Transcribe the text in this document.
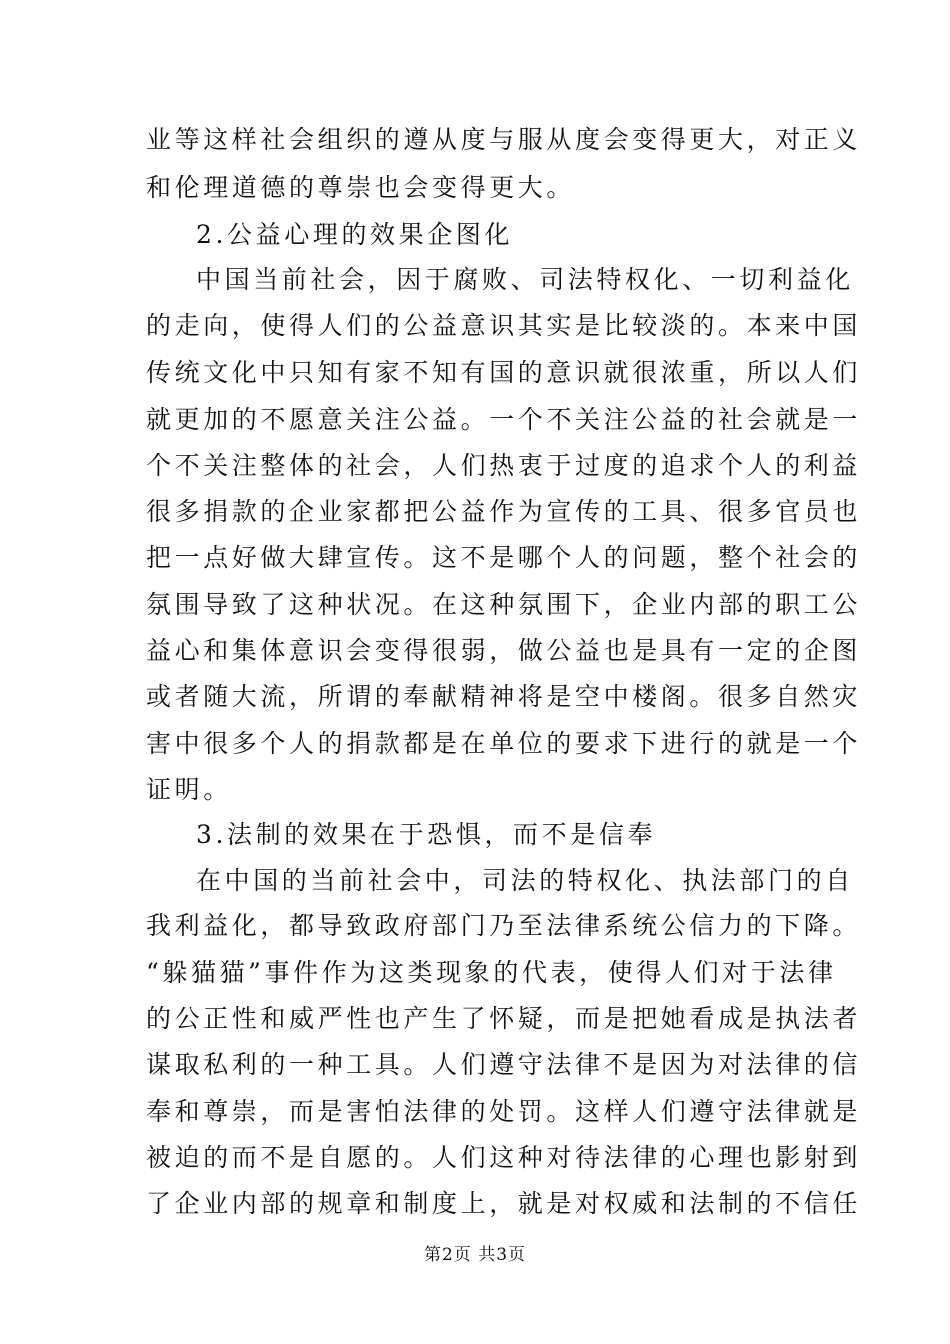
业等这样社会组织的遵从度与服从度会变得更大，对正义
和伦理道德的尊崇也会变得更大。
2.公益心理的效果企图化
中国当前社会，因于腐败、司法特权化、一切利益化
的走向，使得人们的公益意识其实是比较淡的。本来中国
传统文化中只知有家不知有国的意识就很浓重，所以人们
就更加的不愿意关注公益。一个不关注公益的社会就是一
个不关注整体的社会，人们热衷于过度的追求个人的利益
很多捐款的企业家都把公益作为宣传的工具、很多官员也
把一点好做大肆宣传。这不是哪个人的问题，整个社会的
氛围导致了这种状况。在这种氛围下，企业内部的职工公
益心和集体意识会变得很弱，做公益也是具有一定的企图
或者随大流，所谓的奉献精神将是空中楼阁。很多自然灾
害中很多个人的捐款都是在单位的要求下进行的就是一个
证明。
3.法制的效果在于恐惧，而不是信奉
在中国的当前社会中，司法的特权化、执法部门的自
我利益化，都导致政府部门乃至法律系统公信力的下降。
“躲猫猫”事件作为这类现象的代表，使得人们对于法律
的公正性和威严性也产生了怀疑，而是把她看成是执法者
谋取私利的一种工具。人们遵守法律不是因为对法律的信
奉和尊崇，而是害怕法律的处罚。这样人们遵守法律就是
被迫的而不是自愿的。人们这种对待法律的心理也影射到
了企业内部的规章和制度上，就是对权威和法制的不信任
第2页 共3页
